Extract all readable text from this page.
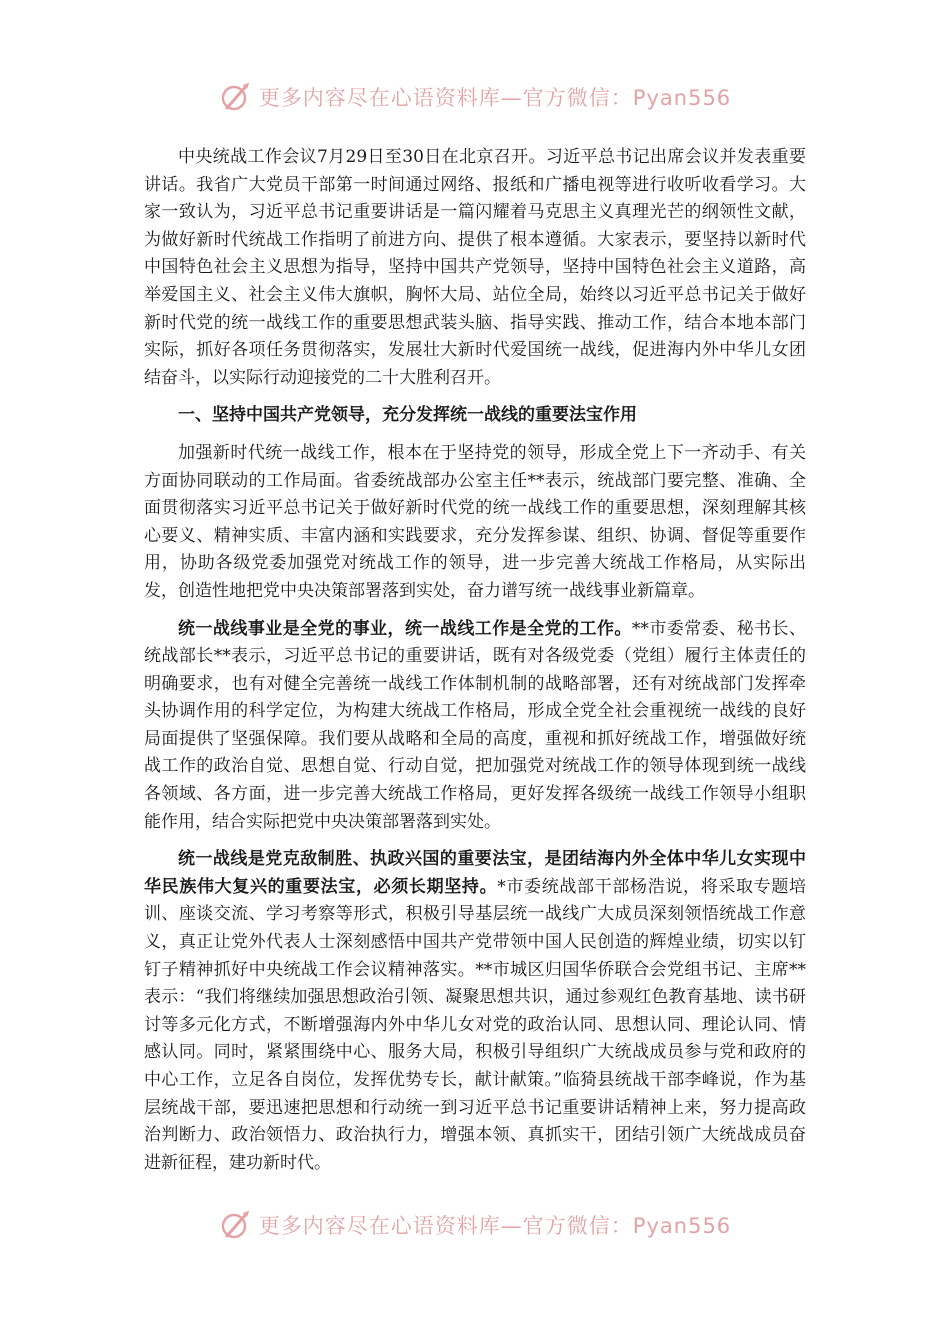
更多内容尽在心语资料库—官方微信：Pyan556

中央统战工作会议7月29日至30日在北京召开。习近平总书记出席会议并发表重要讲话。我省广大党员干部第一时间通过网络、报纸和广播电视等进行收听收看学习。大家一致认为，习近平总书记重要讲话是一篇闪耀着马克思主义真理光芒的纲领性文献，为做好新时代统战工作指明了前进方向、提供了根本遵循。大家表示，要坚持以新时代中国特色社会主义思想为指导，坚持中国共产党领导，坚持中国特色社会主义道路，高举爱国主义、社会主义伟大旗帜，胸怀大局、站位全局，始终以习近平总书记关于做好新时代党的统一战线工作的重要思想武装头脑、指导实践、推动工作，结合本地本部门实际，抓好各项任务贯彻落实，发展壮大新时代爱国统一战线，促进海内外中华儿女团结奋斗，以实际行动迎接党的二十大胜利召开。

一、坚持中国共产党领导，充分发挥统一战线的重要法宝作用

加强新时代统一战线工作，根本在于坚持党的领导，形成全党上下一齐动手、有关方面协同联动的工作局面。省委统战部办公室主任**表示，统战部门要完整、准确、全面贯彻落实习近平总书记关于做好新时代党的统一战线工作的重要思想，深刻理解其核心要义、精神实质、丰富内涵和实践要求，充分发挥参谋、组织、协调、督促等重要作用，协助各级党委加强党对统战工作的领导，进一步完善大统战工作格局，从实际出发，创造性地把党中央决策部署落到实处，奋力谱写统一战线事业新篇章。

统一战线事业是全党的事业，统一战线工作是全党的工作。**市委常委、秘书长、统战部长**表示，习近平总书记的重要讲话，既有对各级党委（党组）履行主体责任的明确要求，也有对健全完善统一战线工作体制机制的战略部署，还有对统战部门发挥牵头协调作用的科学定位，为构建大统战工作格局，形成全党全社会重视统一战线的良好局面提供了坚强保障。我们要从战略和全局的高度，重视和抓好统战工作，增强做好统战工作的政治自觉、思想自觉、行动自觉，把加强党对统战工作的领导体现到统一战线各领域、各方面，进一步完善大统战工作格局，更好发挥各级统一战线工作领导小组职能作用，结合实际把党中央决策部署落到实处。

统一战线是党克敌制胜、执政兴国的重要法宝，是团结海内外全体中华儿女实现中华民族伟大复兴的重要法宝，必须长期坚持。*市委统战部干部杨浩说，将采取专题培训、座谈交流、学习考察等形式，积极引导基层统一战线广大成员深刻领悟统战工作意义，真正让党外代表人士深刻感悟中国共产党带领中国人民创造的辉煌业绩，切实以钉钉子精神抓好中央统战工作会议精神落实。**市城区归国华侨联合会党组书记、主席**表示：“我们将继续加强思想政治引领、凝聚思想共识，通过参观红色教育基地、读书研讨等多元化方式，不断增强海内外中华儿女对党的政治认同、思想认同、理论认同、情感认同。同时，紧紧围绕中心、服务大局，积极引导组织广大统战成员参与党和政府的中心工作，立足各自岗位，发挥优势专长，献计献策。”临猗县统战干部李峰说，作为基层统战干部，要迅速把思想和行动统一到习近平总书记重要讲话精神上来，努力提高政治判断力、政治领悟力、政治执行力，增强本领、真抓实干，团结引领广大统战成员奋进新征程，建功新时代。

更多内容尽在心语资料库—官方微信：Pyan556
